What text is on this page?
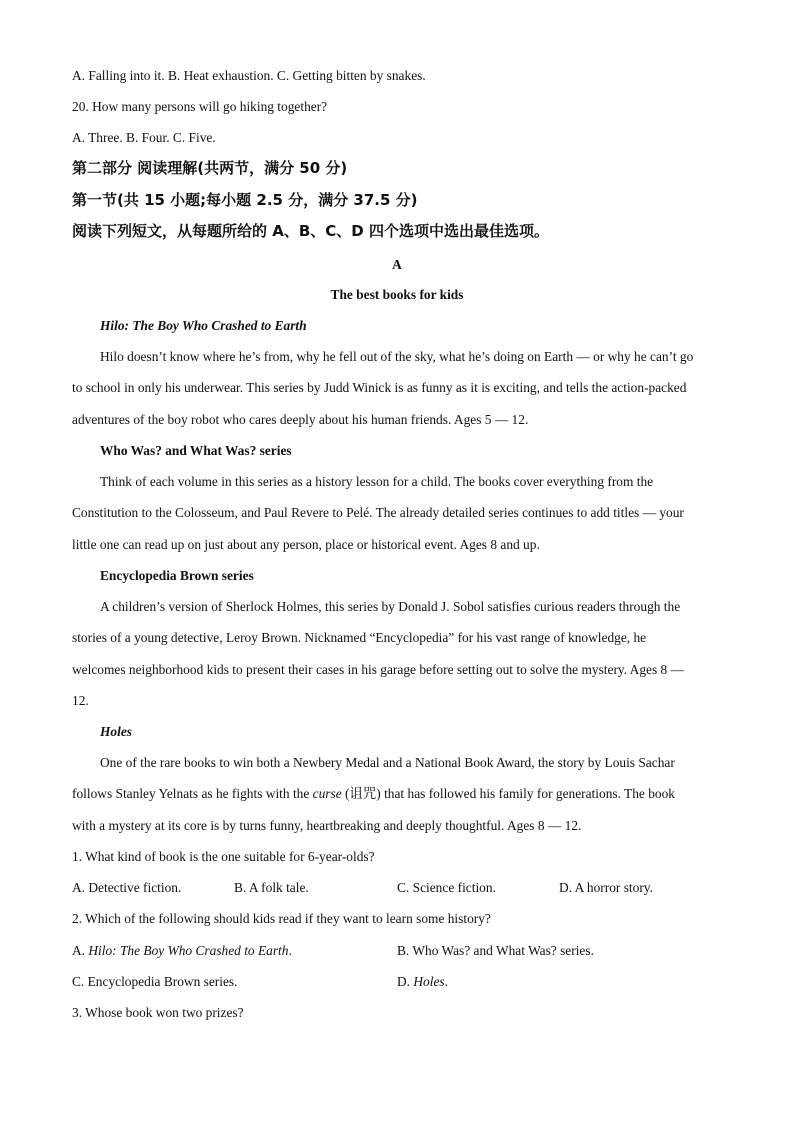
A. Falling into it. B. Heat exhaustion. C. Getting bitten by snakes.
20. How many persons will go hiking together?
A. Three. B. Four. C. Five.
第二部分 阅读理解(共两节，满分 50 分)
第一节(共 15 小题;每小题 2.5 分，满分 37.5 分)
阅读下列短文，从每题所给的 A、B、C、D 四个选项中选出最佳选项。
A
The best books for kids
Hilo: The Boy Who Crashed to Earth
Hilo doesn’t know where he’s from, why he fell out of the sky, what he’s doing on Earth — or why he can’t go
to school in only his underwear. This series by Judd Winick is as funny as it is exciting, and tells the action-packed
adventures of the boy robot who cares deeply about his human friends. Ages 5 — 12.
Who Was? and What Was? series
Think of each volume in this series as a history lesson for a child. The books cover everything from the
Constitution to the Colosseum, and Paul Revere to Pelé. The already detailed series continues to add titles — your
little one can read up on just about any person, place or historical event. Ages 8 and up.
Encyclopedia Brown series
A children’s version of Sherlock Holmes, this series by Donald J. Sobol satisfies curious readers through the
stories of a young detective, Leroy Brown. Nicknamed “Encyclopedia” for his vast range of knowledge, he
welcomes neighborhood kids to present their cases in his garage before setting out to solve the mystery. Ages 8 —
12.
Holes
One of the rare books to win both a Newbery Medal and a National Book Award, the story by Louis Sachar
follows Stanley Yelnats as he fights with the curse (诅咒) that has followed his family for generations. The book
with a mystery at its core is by turns funny, heartbreaking and deeply thoughtful. Ages 8 — 12.
1. What kind of book is the one suitable for 6-year-olds?
A. Detective fiction.	B. A folk tale.	C. Science fiction.	D. A horror story.
2. Which of the following should kids read if they want to learn some history?
A. Hilo: The Boy Who Crashed to Earth.	B. Who Was? and What Was? series.
C. Encyclopedia Brown series.	D. Holes.
3. Whose book won two prizes?
